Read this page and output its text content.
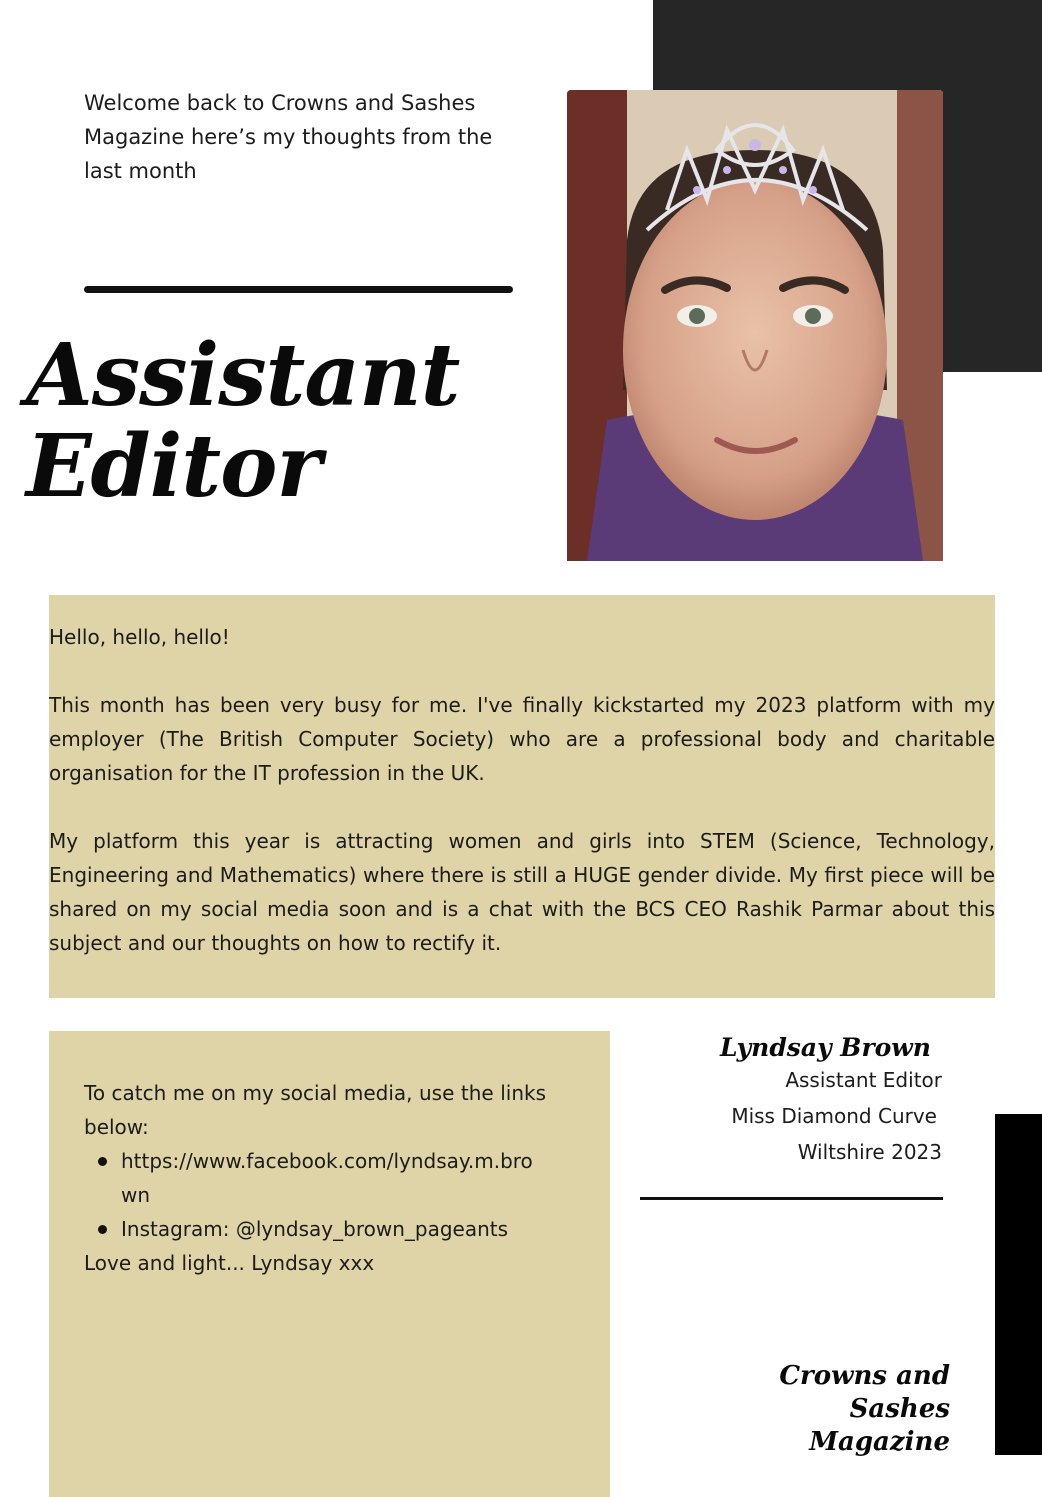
Welcome back to Crowns and Sashes Magazine here’s my thoughts from the last month
Assistant
Editor

Hello, hello, hello!

This month has been very busy for me. I've finally kickstarted my 2023 platform with my employer (The British Computer Society) who are a professional body and charitable organisation for the IT profession in the UK.

My platform this year is attracting women and girls into STEM (Science, Technology, Engineering and Mathematics) where there is still a HUGE gender divide. My first piece will be shared on my social media soon and is a chat with the BCS CEO Rashik Parmar about this subject and our thoughts on how to rectify it.

To catch me on my social media, use the links below:

https://www.facebook.com/lyndsay.m.brown
Instagram: @lyndsay_brown_pageants

Love and light... Lyndsay xxx

Lyndsay Brown
Assistant Editor
Miss Diamond Curve
Wiltshire 2023
Crowns and
Sashes
Magazine
